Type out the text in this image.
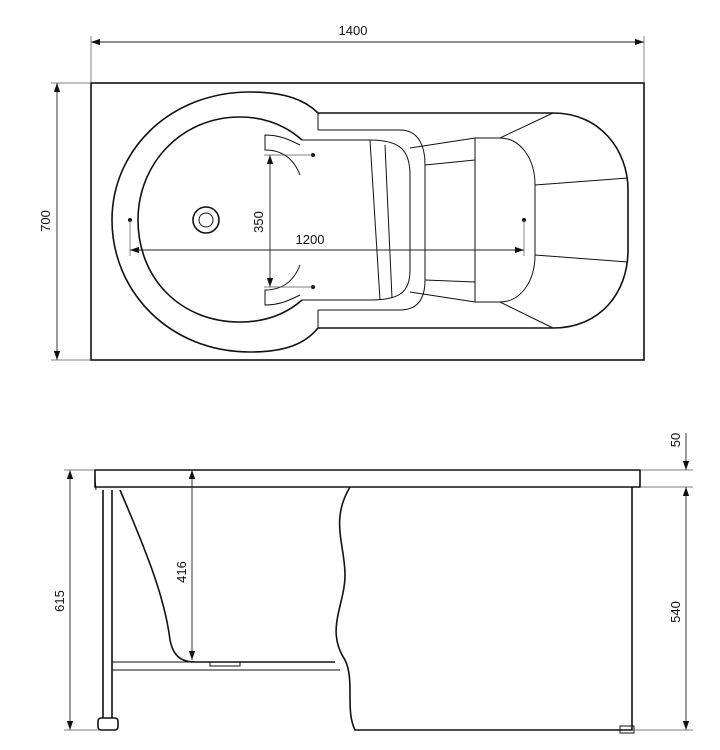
1200
350
1400
700
416
615
50
540
